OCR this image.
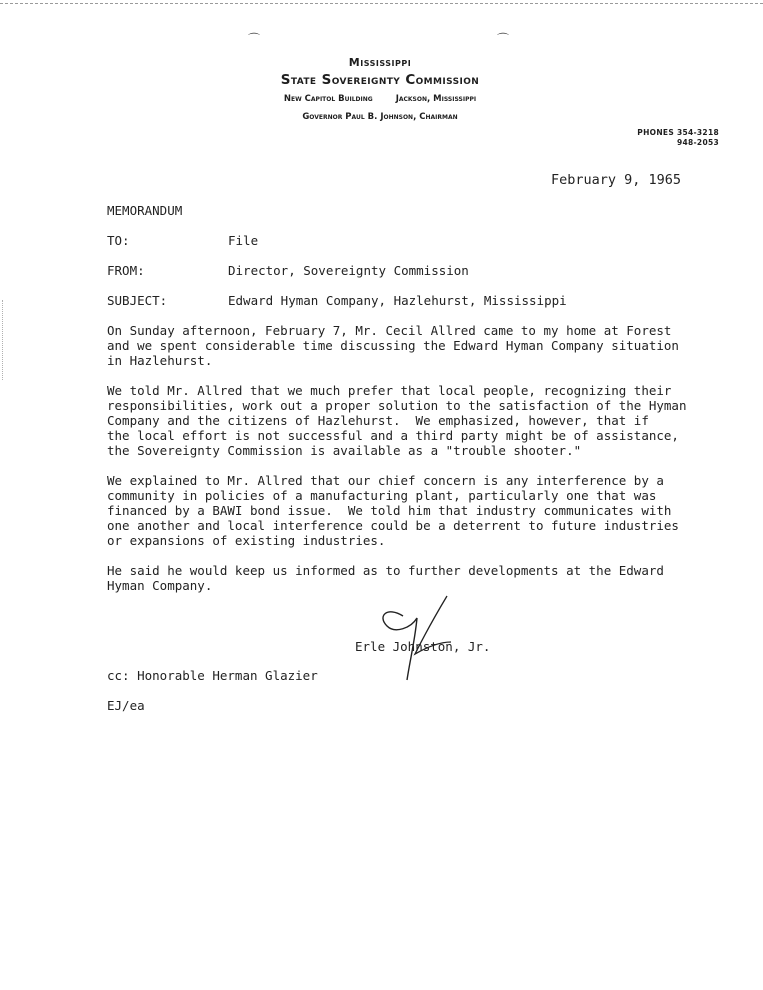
⌒	⌒
Mississippi
State Sovereignty Commission
New Capitol Building	Jackson, Mississippi
Governor Paul B. Johnson, Chairman
PHONES 354-3218
948-2053
February 9, 1965
MEMORANDUM
TO:	File
FROM:	Director, Sovereignty Commission
SUBJECT:	Edward Hyman Company, Hazlehurst, Mississippi
On Sunday afternoon, February 7, Mr. Cecil Allred came to my home at Forest
and we spent considerable time discussing the Edward Hyman Company situation
in Hazlehurst.
We told Mr. Allred that we much prefer that local people, recognizing their
responsibilities, work out a proper solution to the satisfaction of the Hyman
Company and the citizens of Hazlehurst.  We emphasized, however, that if
the local effort is not successful and a third party might be of assistance,
the Sovereignty Commission is available as a "trouble shooter."
We explained to Mr. Allred that our chief concern is any interference by a
community in policies of a manufacturing plant, particularly one that was
financed by a BAWI bond issue.  We told him that industry communicates with
one another and local interference could be a deterrent to future industries
or expansions of existing industries.
He said he would keep us informed as to further developments at the Edward
Hyman Company.
Erle Johnston, Jr.
cc: Honorable Herman Glazier
EJ/ea
